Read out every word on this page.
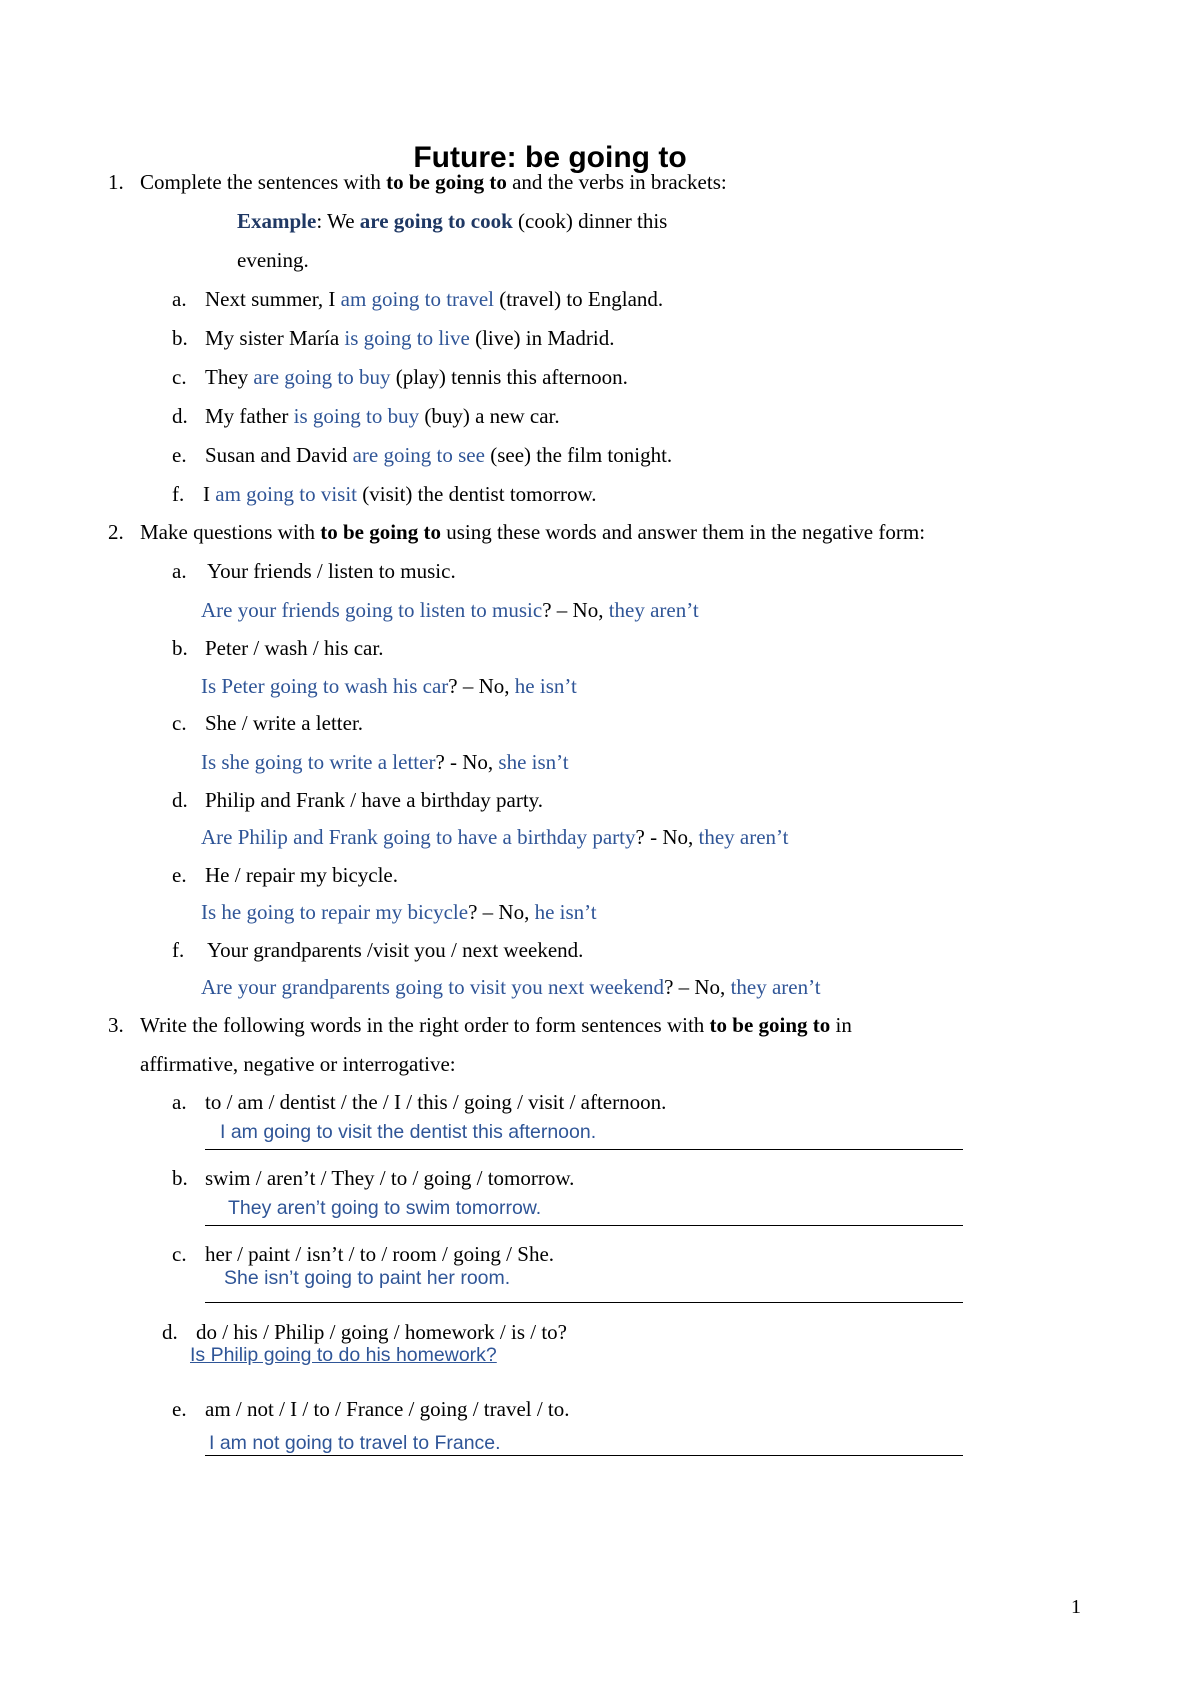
Future: be going to
1. Complete the sentences with to be going to and the verbs in brackets:
Example: We are going to cook (cook) dinner this
evening.
a. Next summer, I am going to travel (travel) to England.
b. My sister María is going to live (live) in Madrid.
c. They are going to buy (play) tennis this afternoon.
d. My father is going to buy (buy) a new car.
e. Susan and David are going to see (see) the film tonight.
f. I am going to visit (visit) the dentist tomorrow.
2. Make questions with to be going to using these words and answer them in the negative form:
a. Your friends / listen to music.
Are your friends going to listen to music? – No, they aren’t
b. Peter / wash / his car.
Is Peter going to wash his car? – No, he isn’t
c. She / write a letter.
Is she going to write a letter? - No, she isn’t
d. Philip and Frank / have a birthday party.
Are Philip and Frank going to have a birthday party? - No, they aren’t
e. He / repair my bicycle.
Is he going to repair my bicycle? – No, he isn’t
f. Your grandparents /visit you / next weekend.
Are your grandparents going to visit you next weekend? – No, they aren’t
3. Write the following words in the right order to form sentences with to be going to in
affirmative, negative or interrogative:
a. to / am / dentist / the / I / this / going / visit / afternoon.
I am going to visit the dentist this afternoon.
b. swim / aren’t / They / to / going / tomorrow.
They aren’t going to swim tomorrow.
c. her / paint / isn’t / to / room / going / She.
She isn’t going to paint her room.
d. do / his / Philip / going / homework / is / to?
Is Philip going to do his homework?
e. am / not / I / to / France / going / travel / to.
I am not going to travel to France.
1
